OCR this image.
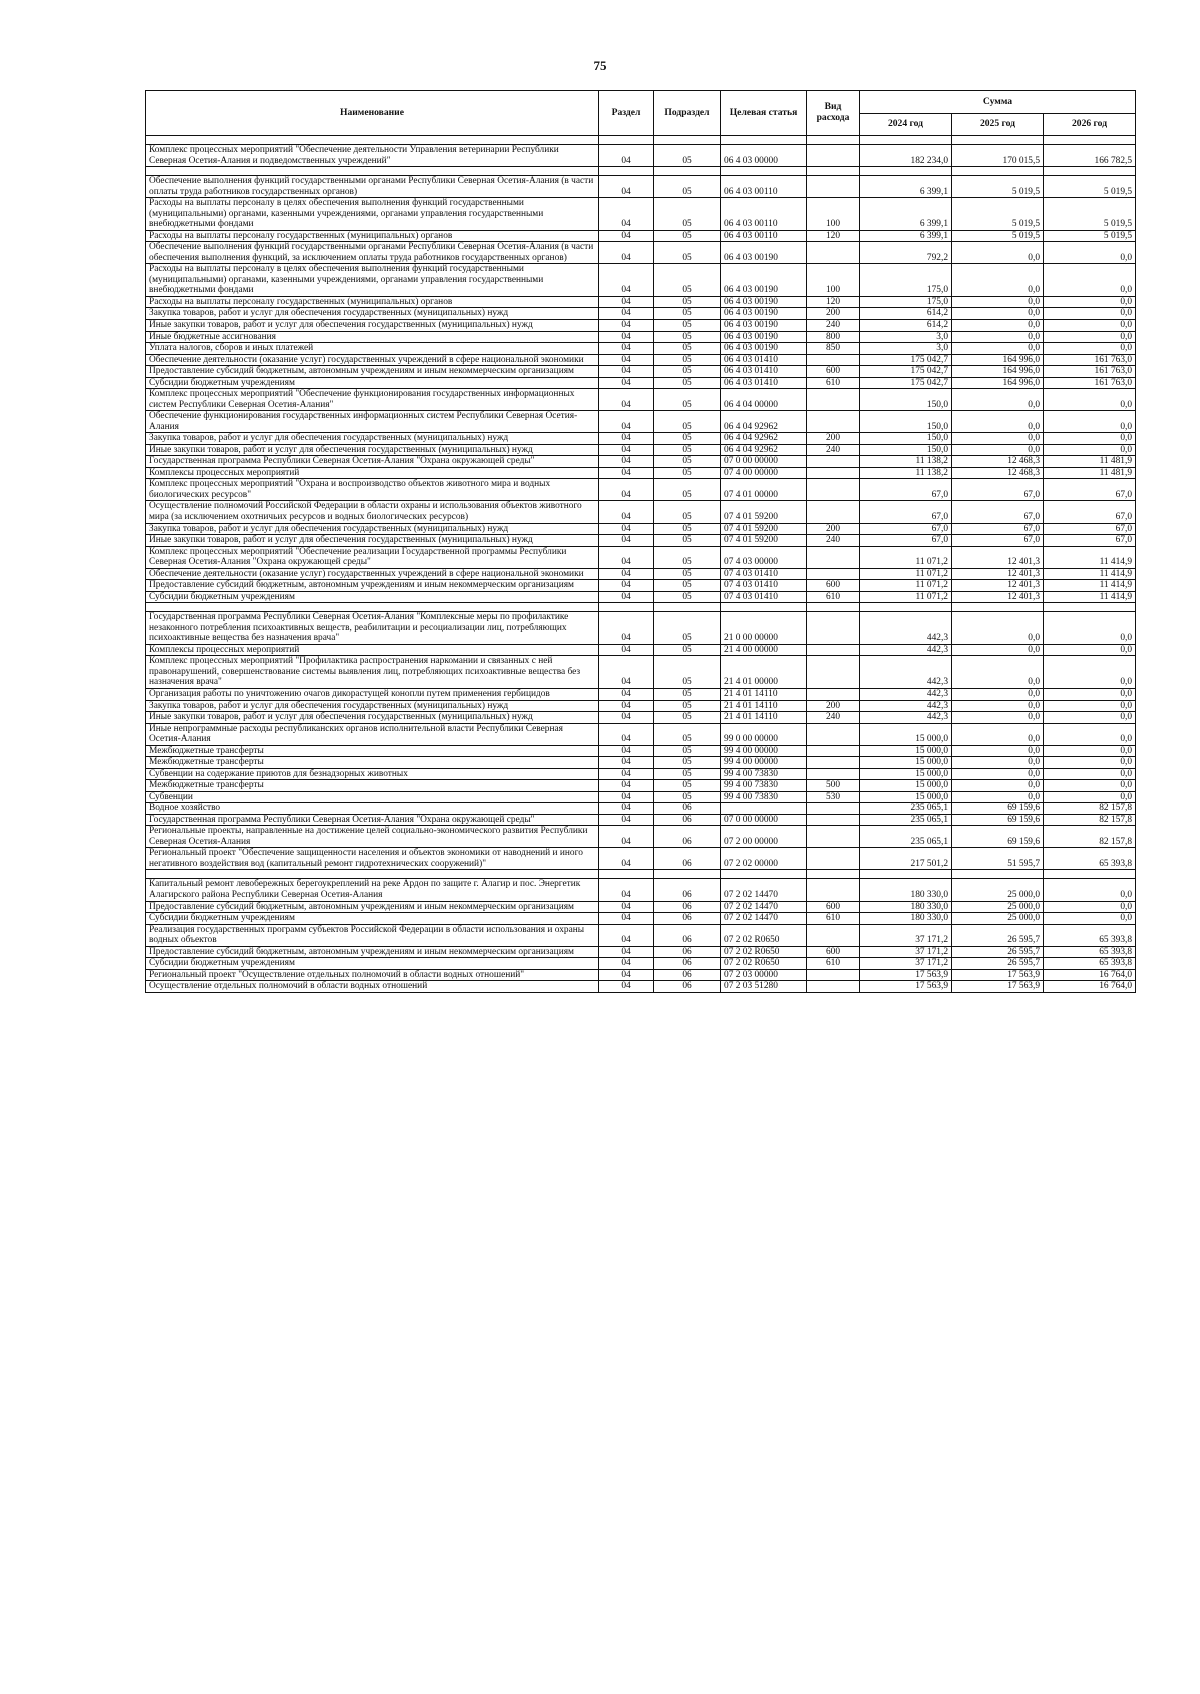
75
Наименование	Раздел	Подраздел	Целевая статья	Вид расхода	Сумма		
					2024 год	2025 год	2026 год

Комплекс процессных мероприятий "Обеспечение деятельности Управления ветеринарии Республики Северная Осетия-Алания и подведомственных учреждений"	04	05	06 4 03 00000		182 234,0	170 015,5	166 782,5

Обеспечение выполнения функций государственными органами Республики Северная Осетия-Алания (в части оплаты труда работников государственных органов)	04	05	06 4 03 00110		6 399,1	5 019,5	5 019,5
Расходы на выплаты персоналу в целях обеспечения выполнения функций государственными (муниципальными) органами, казенными учреждениями, органами управления государственными внебюджетными фондами	04	05	06 4 03 00110	100	6 399,1	5 019,5	5 019,5
Расходы на выплаты персоналу государственных (муниципальных) органов	04	05	06 4 03 00110	120	6 399,1	5 019,5	5 019,5
Обеспечение выполнения функций государственными органами Республики Северная Осетия-Алания (в части обеспечения выполнения функций, за исключением оплаты труда работников государственных органов)	04	05	06 4 03 00190		792,2	0,0	0,0
Расходы на выплаты персоналу в целях обеспечения выполнения функций государственными (муниципальными) органами, казенными учреждениями, органами управления государственными внебюджетными фондами	04	05	06 4 03 00190	100	175,0	0,0	0,0
Расходы на выплаты персоналу государственных (муниципальных) органов	04	05	06 4 03 00190	120	175,0	0,0	0,0
Закупка товаров, работ и услуг для обеспечения государственных (муниципальных) нужд	04	05	06 4 03 00190	200	614,2	0,0	0,0
Иные закупки товаров, работ и услуг для обеспечения государственных (муниципальных) нужд	04	05	06 4 03 00190	240	614,2	0,0	0,0
Иные бюджетные ассигнования	04	05	06 4 03 00190	800	3,0	0,0	0,0
Уплата налогов, сборов и иных платежей	04	05	06 4 03 00190	850	3,0	0,0	0,0
Обеспечение деятельности (оказание услуг) государственных учреждений в сфере национальной экономики	04	05	06 4 03 01410		175 042,7	164 996,0	161 763,0
Предоставление субсидий бюджетным, автономным учреждениям и иным некоммерческим организациям	04	05	06 4 03 01410	600	175 042,7	164 996,0	161 763,0
Субсидии бюджетным учреждениям	04	05	06 4 03 01410	610	175 042,7	164 996,0	161 763,0
Комплекс процессных мероприятий "Обеспечение функционирования государственных информационных систем Республики Северная Осетия-Алания"	04	05	06 4 04 00000		150,0	0,0	0,0
Обеспечение функционирования государственных информационных систем Республики Северная Осетия-Алания	04	05	06 4 04 92962		150,0	0,0	0,0
Закупка товаров, работ и услуг для обеспечения государственных (муниципальных) нужд	04	05	06 4 04 92962	200	150,0	0,0	0,0
Иные закупки товаров, работ и услуг для обеспечения государственных (муниципальных) нужд	04	05	06 4 04 92962	240	150,0	0,0	0,0
Государственная программа Республики Северная Осетия-Алания "Охрана окружающей среды"	04	05	07 0 00 00000		11 138,2	12 468,3	11 481,9
Комплексы процессных мероприятий	04	05	07 4 00 00000		11 138,2	12 468,3	11 481,9
Комплекс процессных мероприятий "Охрана и воспроизводство объектов животного мира и водных биологических ресурсов"	04	05	07 4 01 00000		67,0	67,0	67,0
Осуществление полномочий Российской Федерации в области охраны и использования объектов животного мира (за исключением охотничьих ресурсов и водных биологических ресурсов)	04	05	07 4 01 59200		67,0	67,0	67,0
Закупка товаров, работ и услуг для обеспечения государственных (муниципальных) нужд	04	05	07 4 01 59200	200	67,0	67,0	67,0
Иные закупки товаров, работ и услуг для обеспечения государственных (муниципальных) нужд	04	05	07 4 01 59200	240	67,0	67,0	67,0
Комплекс процессных мероприятий "Обеспечение реализации Государственной программы Республики Северная Осетия-Алания "Охрана окружающей среды"	04	05	07 4 03 00000		11 071,2	12 401,3	11 414,9
Обеспечение деятельности (оказание услуг) государственных учреждений в сфере национальной экономики	04	05	07 4 03 01410		11 071,2	12 401,3	11 414,9
Предоставление субсидий бюджетным, автономным учреждениям и иным некоммерческим организациям	04	05	07 4 03 01410	600	11 071,2	12 401,3	11 414,9
Субсидии бюджетным учреждениям	04	05	07 4 03 01410	610	11 071,2	12 401,3	11 414,9

Государственная программа Республики Северная Осетия-Алания "Комплексные меры по профилактике незаконного потребления психоактивных веществ, реабилитации и ресоциализации лиц, потребляющих психоактивные вещества без назначения врача"	04	05	21 0 00 00000		442,3	0,0	0,0
Комплексы процессных мероприятий	04	05	21 4 00 00000		442,3	0,0	0,0
Комплекс процессных мероприятий "Профилактика распространения наркомании и связанных с ней правонарушений, совершенствование системы выявления лиц, потребляющих психоактивные вещества без назначения врача"	04	05	21 4 01 00000		442,3	0,0	0,0
Организация работы по уничтожению очагов дикорастущей конопли путем применения гербицидов	04	05	21 4 01 14110		442,3	0,0	0,0
Закупка товаров, работ и услуг для обеспечения государственных (муниципальных) нужд	04	05	21 4 01 14110	200	442,3	0,0	0,0
Иные закупки товаров, работ и услуг для обеспечения государственных (муниципальных) нужд	04	05	21 4 01 14110	240	442,3	0,0	0,0
Иные непрограммные расходы республиканских органов исполнительной власти Республики Северная Осетия-Алания	04	05	99 0 00 00000		15 000,0	0,0	0,0
Межбюджетные трансферты	04	05	99 4 00 00000		15 000,0	0,0	0,0
Межбюджетные трансферты	04	05	99 4 00 00000		15 000,0	0,0	0,0
Субвенции на содержание приютов для безнадзорных животных	04	05	99 4 00 73830		15 000,0	0,0	0,0
Межбюджетные трансферты	04	05	99 4 00 73830	500	15 000,0	0,0	0,0
Субвенции	04	05	99 4 00 73830	530	15 000,0	0,0	0,0
Водное хозяйство	04	06			235 065,1	69 159,6	82 157,8
Государственная программа Республики Северная Осетия-Алания "Охрана окружающей среды"	04	06	07 0 00 00000		235 065,1	69 159,6	82 157,8
Региональные проекты, направленные на достижение целей социально-экономического развития Республики Северная Осетия-Алания	04	06	07 2 00 00000		235 065,1	69 159,6	82 157,8
Региональный проект "Обеспечение защищенности населения и объектов экономики от наводнений и иного негативного воздействия вод (капитальный ремонт гидротехнических сооружений)"	04	06	07 2 02 00000		217 501,2	51 595,7	65 393,8

Капитальный ремонт левобережных берегоукреплений на реке Ардон по защите г. Алагир и пос. Энергетик Алагирского района Республики Северная Осетия-Алания	04	06	07 2 02 14470		180 330,0	25 000,0	0,0
Предоставление субсидий бюджетным, автономным учреждениям и иным некоммерческим организациям	04	06	07 2 02 14470	600	180 330,0	25 000,0	0,0
Субсидии бюджетным учреждениям	04	06	07 2 02 14470	610	180 330,0	25 000,0	0,0
Реализация государственных программ субъектов Российской Федерации в области использования и охраны водных объектов	04	06	07 2 02 R0650		37 171,2	26 595,7	65 393,8
Предоставление субсидий бюджетным, автономным учреждениям и иным некоммерческим организациям	04	06	07 2 02 R0650	600	37 171,2	26 595,7	65 393,8
Субсидии бюджетным учреждениям	04	06	07 2 02 R0650	610	37 171,2	26 595,7	65 393,8
Региональный проект "Осуществление отдельных полномочий в области водных отношений"	04	06	07 2 03 00000		17 563,9	17 563,9	16 764,0
Осуществление отдельных полномочий в области водных отношений	04	06	07 2 03 51280		17 563,9	17 563,9	16 764,0
